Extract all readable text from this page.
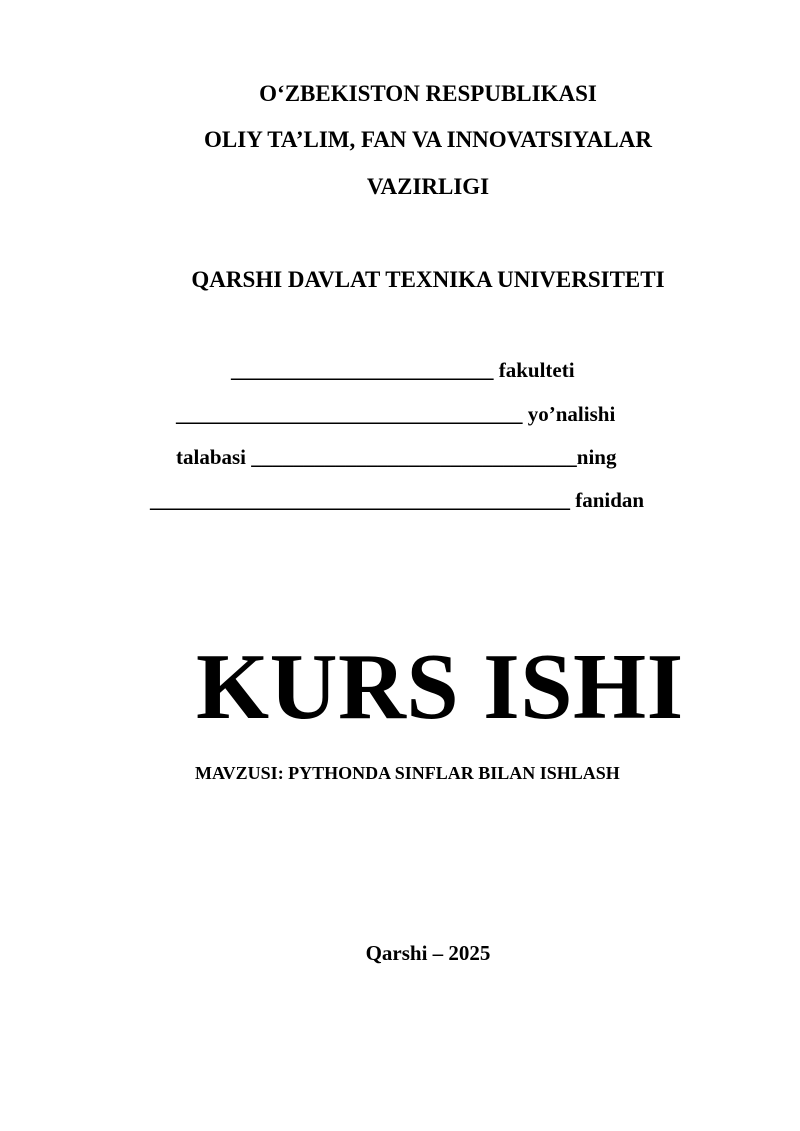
O‘ZBEKISTON RESPUBLIKASI
OLIY TA’LIM, FAN VA INNOVATSIYALAR
VAZIRLIGI
QARSHI DAVLAT TEXNIKA UNIVERSITETI
_________________________ fakulteti
_________________________________ yo’nalishi
talabasi _______________________________ning
________________________________________ fanidan
KURS ISHI
MAVZUSI: PYTHONDA SINFLAR BILAN ISHLASH
Qarshi – 2025
